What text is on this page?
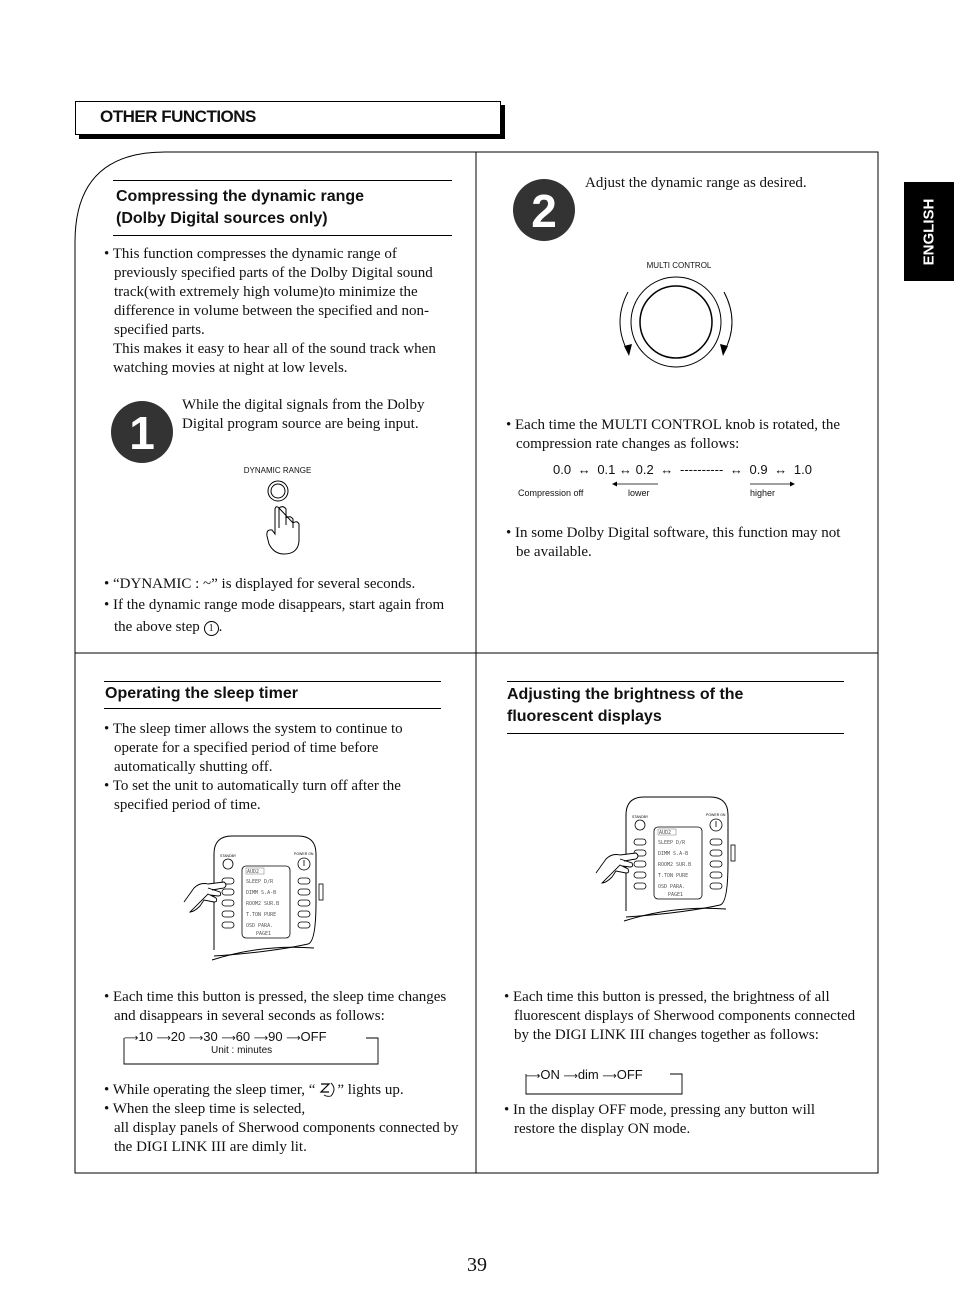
OTHER FUNCTIONS
ENGLISH
Compressing the dynamic range
(Dolby Digital sources only)

• This function compresses the dynamic range of previously specified parts of the Dolby Digital sound track(with extremely high volume)to minimize the difference in volume between the specified and non-specified parts.

This makes it easy to hear all of the sound track when watching movies at night at low levels.

1
While the digital signals from the Dolby Digital program source are being input.
DYNAMIC RANGE

• “DYNAMIC : ~” is displayed for several seconds.

• If the dynamic range mode disappears, start again from the above step 1 .

2
Adjust the dynamic range as desired.
MULTI CONTROL

• Each time the MULTI CONTROL knob is rotated, the compression rate changes as follows:

0.0 ↔ 0.1 ↔ 0.2 ↔ ---------- ↔ 0.9 ↔ 1.0
Compression off	lower	higher

• In some Dolby Digital software, this function may not be available.

Operating the sleep timer

• The sleep timer allows the system to continue to operate for a specified period of time before automatically shutting off.

• To set the unit to automatically turn off after the specified period of time.

STANDBY	POWER ON
AUD2
SLEEP D/R
DIMM S.A-B
ROOM2 SUR.B
T.TON PURE
OSD PARA.
PAGE1

• Each time this button is pressed, the sleep time changes and disappears in several seconds as follows:

⟶10 ⟶20 ⟶30 ⟶60 ⟶90 ⟶OFF
Unit : minutes

• While operating the sleep timer, “ ” lights up.

• When the sleep time is selected,

all display panels of Sherwood components connected by the DIGI LINK III are dimly lit.

Adjusting the brightness of the
fluorescent displays
STANDBY	POWER ON
AUD2
SLEEP D/R
DIMM S.A-B
ROOM2 SUR.B
T.TON PURE
OSD PARA.
PAGE1

• Each time this button is pressed, the brightness of all fluorescent displays of Sherwood components connected by the DIGI LINK III changes together as follows:

⟶ON ⟶dim ⟶OFF

• In the display OFF mode, pressing any button will restore the display ON mode.

39
